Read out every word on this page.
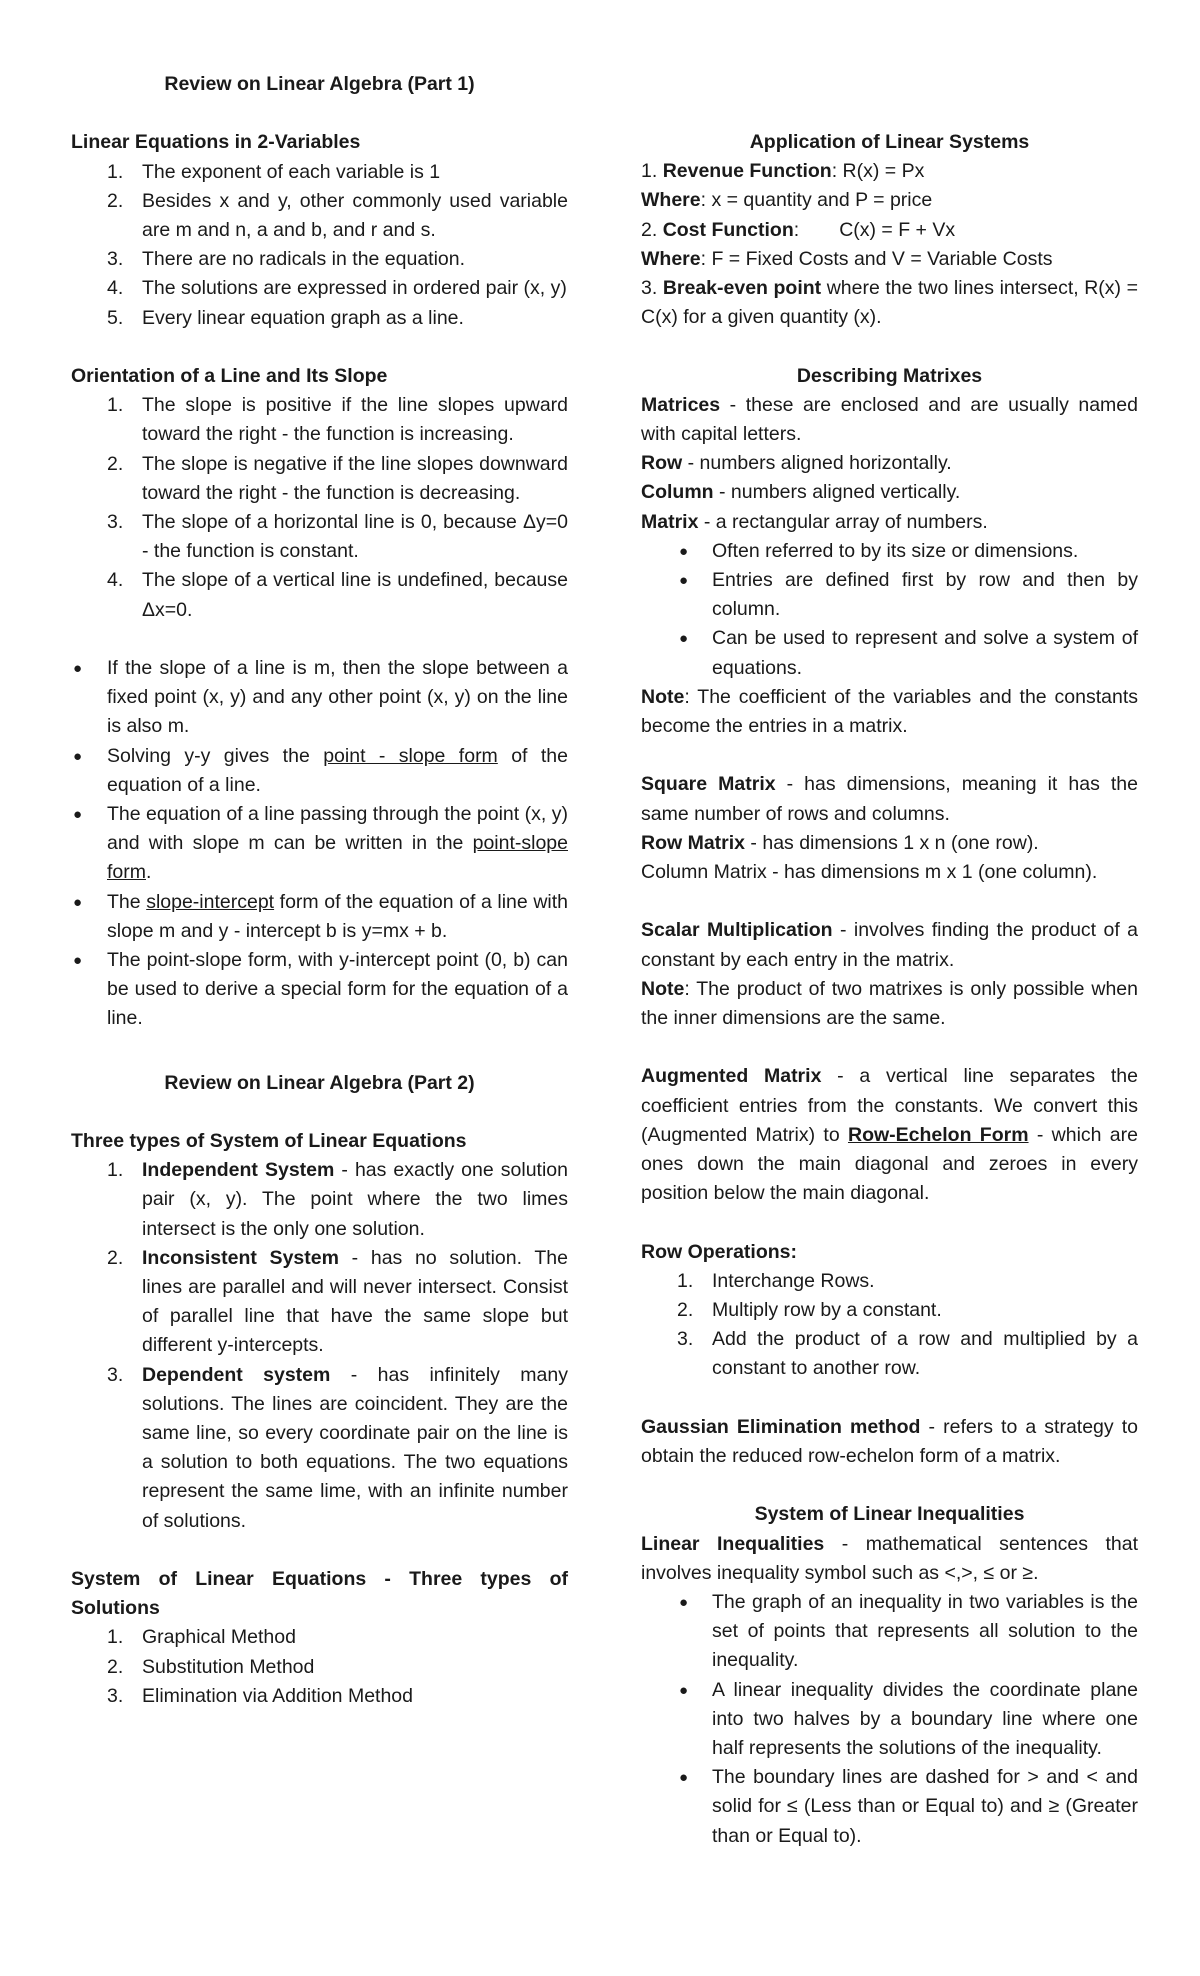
Review on Linear Algebra (Part 1)
Linear Equations in 2-Variables
1. The exponent of each variable is 1
2. Besides x and y, other commonly used variable are m and n, a and b, and r and s.
3. There are no radicals in the equation.
4. The solutions are expressed in ordered pair (x, y)
5. Every linear equation graph as a line.
Orientation of a Line and Its Slope
1. The slope is positive if the line slopes upward toward the right - the function is increasing.
2. The slope is negative if the line slopes downward toward the right - the function is decreasing.
3. The slope of a horizontal line is 0, because Δy=0 - the function is constant.
4. The slope of a vertical line is undefined, because Δx=0.
● If the slope of a line is m, then the slope between a fixed point (x, y) and any other point (x, y) on the line is also m.
● Solving y-y gives the point - slope form of the equation of a line.
● The equation of a line passing through the point (x, y) and with slope m can be written in the point-slope form.
● The slope-intercept form of the equation of a line with slope m and y - intercept b is y=mx + b.
● The point-slope form, with y-intercept point (0, b) can be used to derive a special form for the equation of a line.
Review on Linear Algebra (Part 2)
Three types of System of Linear Equations
1. Independent System - has exactly one solution pair (x, y). The point where the two limes intersect is the only one solution.
2. Inconsistent System - has no solution. The lines are parallel and will never intersect. Consist of parallel line that have the same slope but different y-intercepts.
3. Dependent system - has infinitely many solutions. The lines are coincident. They are the same line, so every coordinate pair on the line is a solution to both equations. The two equations represent the same lime, with an infinite number of solutions.
System of Linear Equations - Three types of Solutions
1. Graphical Method
2. Substitution Method
3. Elimination via Addition Method
Application of Linear Systems
1. Revenue Function: R(x) = Px
Where: x = quantity and P = price
2. Cost Function: C(x) = F + Vx
Where: F = Fixed Costs and V = Variable Costs
3. Break-even point where the two lines intersect, R(x) = C(x) for a given quantity (x).
Describing Matrixes
Matrices - these are enclosed and are usually named with capital letters.
Row - numbers aligned horizontally.
Column - numbers aligned vertically.
Matrix - a rectangular array of numbers.
● Often referred to by its size or dimensions.
● Entries are defined first by row and then by column.
● Can be used to represent and solve a system of equations.
Note: The coefficient of the variables and the constants become the entries in a matrix.
Square Matrix - has dimensions, meaning it has the same number of rows and columns.
Row Matrix - has dimensions 1 x n (one row).
Column Matrix - has dimensions m x 1 (one column).
Scalar Multiplication - involves finding the product of a constant by each entry in the matrix.
Note: The product of two matrixes is only possible when the inner dimensions are the same.
Augmented Matrix - a vertical line separates the coefficient entries from the constants. We convert this (Augmented Matrix) to Row-Echelon Form - which are ones down the main diagonal and zeroes in every position below the main diagonal.
Row Operations:
1. Interchange Rows.
2. Multiply row by a constant.
3. Add the product of a row and multiplied by a constant to another row.
Gaussian Elimination method - refers to a strategy to obtain the reduced row-echelon form of a matrix.
System of Linear Inequalities
Linear Inequalities - mathematical sentences that involves inequality symbol such as <,>, ≤ or ≥.
● The graph of an inequality in two variables is the set of points that represents all solution to the inequality.
● A linear inequality divides the coordinate plane into two halves by a boundary line where one half represents the solutions of the inequality.
● The boundary lines are dashed for > and < and solid for ≤ (Less than or Equal to) and ≥ (Greater than or Equal to).
